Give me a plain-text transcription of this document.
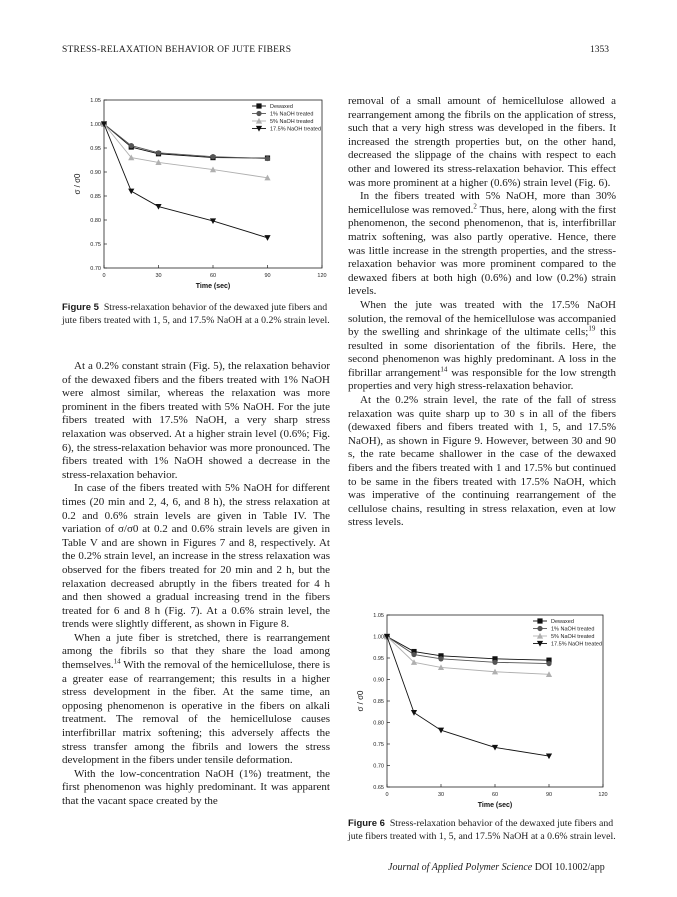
STRESS-RELAXATION BEHAVIOR OF JUTE FIBERS	1353
0	30	60	90	120
0.70
0.75
0.80
0.85
0.90
0.95
1.00
1.05
Time (sec)
σ / σ0
Dewaxed
1% NaOH treated
5% NaOH treated
17.5% NaOH treated
Figure 5 Stress-relaxation behavior of the dewaxed jute fibers and jute fibers treated with 1, 5, and 17.5% NaOH at a 0.2% strain level.

At a 0.2% constant strain (Fig. 5), the relaxation behavior of the dewaxed fibers and the fibers treated with 1% NaOH were almost similar, whereas the relaxation was more prominent in the fibers treated with 5% NaOH. For the jute fibers treated with 17.5% NaOH, a very sharp stress relaxation was observed. At a higher strain level (0.6%; Fig. 6), the stress-relaxation behavior was more pronounced. The fibers treated with 1% NaOH showed a decrease in the stress-relaxation behavior.

In case of the fibers treated with 5% NaOH for different times (20 min and 2, 4, 6, and 8 h), the stress relaxation at 0.2 and 0.6% strain levels are given in Table IV. The variation of σ/σ0 at 0.2 and 0.6% strain levels are given in Table V and are shown in Figures 7 and 8, respectively. At the 0.2% strain level, an increase in the stress relaxation was observed for the fibers treated for 20 min and 2 h, but the relaxation decreased abruptly in the fibers treated for 4 h and then showed a gradual increasing trend in the fibers treated for 6 and 8 h (Fig. 7). At a 0.6% strain level, the trends were slightly different, as shown in Figure 8.

When a jute fiber is stretched, there is rearrangement among the fibrils so that they share the load among themselves.$^{14}$ With the removal of the hemicellulose, there is a greater ease of rearrangement; this results in a higher stress development in the fiber. At the same time, an opposing phenomenon is operative in the fibers on alkali treatment. The removal of the hemicellulose causes interfibrillar matrix softening; this adversely affects the stress transfer among the fibrils and lowers the stress development in the fibers under tensile deformation.

With the low-concentration NaOH (1%) treatment, the first phenomenon was highly predominant. It was apparent that the vacant space created by the

removal of a small amount of hemicellulose allowed a rearrangement among the fibrils on the application of stress, such that a very high stress was developed in the fibers. It increased the strength properties but, on the other hand, decreased the slippage of the chains with respect to each other and lowered its stress-relaxation behavior. This effect was more prominent at a higher (0.6%) strain level (Fig. 6).

In the fibers treated with 5% NaOH, more than 30% hemicellulose was removed.$^2$ Thus, here, along with the first phenomenon, the second phenomenon, that is, interfibrillar matrix softening, was also partly operative. Hence, there was little increase in the strength properties, and the stress-relaxation behavior was more prominent compared to the dewaxed fibers at both high (0.6%) and low (0.2%) strain levels.

When the jute was treated with the 17.5% NaOH solution, the removal of the hemicellulose was accompanied by the swelling and shrinkage of the ultimate cells;$^{19}$ this resulted in some disorientation of the fibrils. Here, the second phenomenon was highly predominant. A loss in the fibrillar arrangement$^{14}$ was responsible for the low strength properties and very high stress-relaxation behavior.

At the 0.2% strain level, the rate of the fall of stress relaxation was quite sharp up to 30 s in all of the fibers (dewaxed fibers and fibers treated with 1, 5, and 17.5% NaOH), as shown in Figure 9. However, between 30 and 90 s, the rate became shallower in the case of the dewaxed fibers and the fibers treated with 1 and 17.5% but continued to be same in the fibers treated with 17.5% NaOH, which was imperative of the continuing rearrangement of the cellulose chains, resulting in stress relaxation, even at low stress levels.

0	30	60	90	120
0.65
0.70
0.75
0.80
0.85
0.90
0.95
1.00
1.05
Time (sec)
σ / σ0
Dewaxed
1% NaOH treated
5% NaOH treated
17.5% NaOH treated
Figure 6 Stress-relaxation behavior of the dewaxed jute fibers and jute fibers treated with 1, 5, and 17.5% NaOH at a 0.6% strain level.
Journal of Applied Polymer Science DOI 10.1002/app
